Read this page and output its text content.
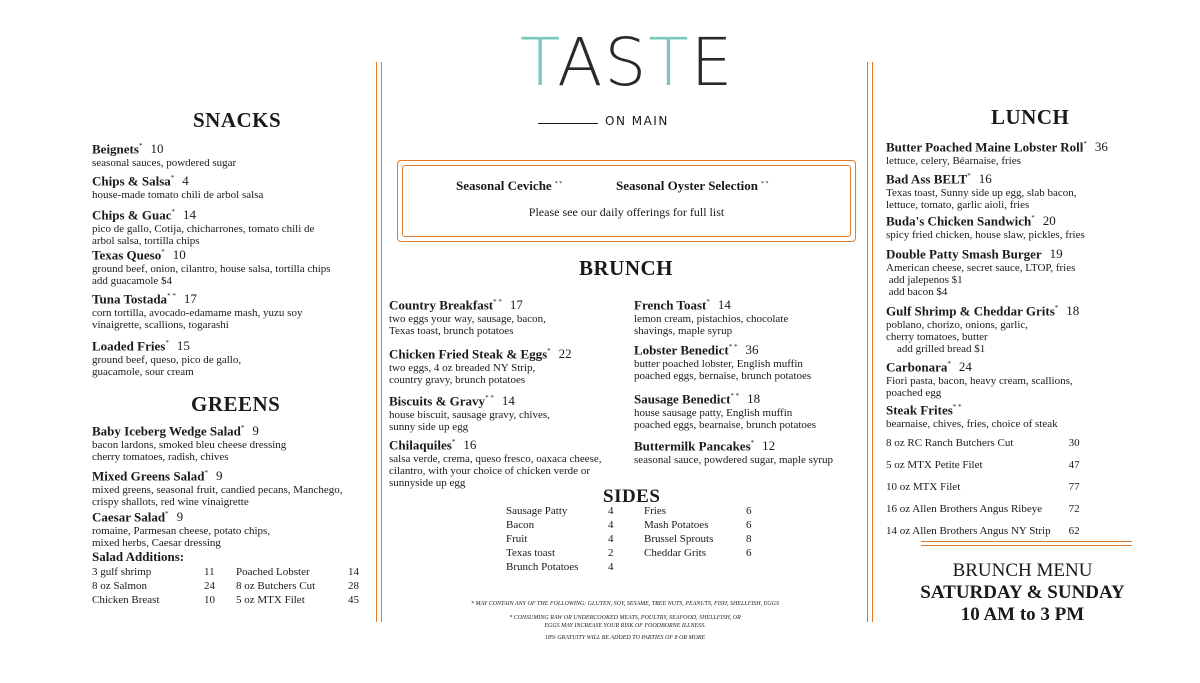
TASTE
ON MAIN
SNACKS
Beignets* 10
seasonal sauces, powdered sugar
Chips & Salsa* 4
house-made tomato chili de arbol salsa
Chips & Guac* 14
pico de gallo, Cotija, chicharrones, tomato chili de
arbol salsa, tortilla chips
Texas Queso* 10
ground beef, onion, cilantro, house salsa, tortilla chips
add guacamole $4
Tuna Tostada* * 17
corn tortilla, avocado-edamame mash, yuzu soy
vinaigrette, scallions, togarashi
Loaded Fries* 15
ground beef, queso, pico de gallo,
guacamole, sour cream
GREENS
Baby Iceberg Wedge Salad* 9
bacon lardons, smoked bleu cheese dressing
cherry tomatoes, radish, chives
Mixed Greens Salad* 9
mixed greens, seasonal fruit, candied pecans, Manchego,
crispy shallots, red wine vinaigrette
Caesar Salad* 9
romaine, Parmesan cheese, potato chips,
mixed herbs, Caesar dressing
Salad Additions:
3 gulf shrimp	11	Poached Lobster	14
8 oz Salmon	24	8 oz Butchers Cut	28
Chicken Breast	10	5 oz MTX Filet	45
Seasonal Ceviche * *	Seasonal Oyster Selection * *
Please see our daily offerings for full list
BRUNCH
Country Breakfast* * 17
two eggs your way, sausage, bacon,
Texas toast, brunch potatoes
Chicken Fried Steak & Eggs* 22
two eggs, 4 oz breaded NY Strip,
country gravy, brunch potatoes
Biscuits & Gravy* * 14
house biscuit, sausage gravy, chives,
sunny side up egg
Chilaquiles* 16
salsa verde, crema, queso fresco, oaxaca cheese,
cilantro, with your choice of chicken verde or
sunnyside up egg
French Toast* 14
lemon cream, pistachios, chocolate
shavings, maple syrup
Lobster Benedict* * 36
butter poached lobster, English muffin
poached eggs, bernaise, brunch potatoes
Sausage Benedict* * 18
house sausage patty, English muffin
poached eggs, bearnaise, brunch potatoes
Buttermilk Pancakes* 12
seasonal sauce, powdered sugar, maple syrup
SIDES
Sausage Patty	4
Bacon	4
Fruit	4
Texas toast	2
Brunch Potatoes	4
Fries	6
Mash Potatoes	6
Brussel Sprouts	8
Cheddar Grits	6
* MAY CONTAIN ANY OF THE FOLLOWING: GLUTEN, SOY, SESAME, TREE NUTS, PEANUTS, FISH, SHELLFISH, EGGS
* CONSUMING RAW OR UNDERCOOKED MEATS, POULTRY, SEAFOOD, SHELLFISH, OR
EGGS MAY INCREASE YOUR RISK OF FOODBORNE ILLNESS.
18% GRATUITY WILL BE ADDED TO PARTIES OF 8 OR MORE
LUNCH
Butter Poached Maine Lobster Roll* 36
lettuce, celery, Béarnaise, fries
Bad Ass BELT* 16
Texas toast, Sunny side up egg, slab bacon,
lettuce, tomato, garlic aioli, fries
Buda's Chicken Sandwich* 20
spicy fried chicken, house slaw, pickles, fries
Double Patty Smash Burger 19
American cheese, secret sauce, LTOP, fries
add jalepenos $1
add bacon $4
Gulf Shrimp & Cheddar Grits* 18
poblano, chorizo, onions, garlic,
cherry tomatoes, butter
add grilled bread $1
Carbonara* 24
Fiori pasta, bacon, heavy cream, scallions,
poached egg
Steak Frites* *
bearnaise, chives, fries, choice of steak
8 oz RC Ranch Butchers Cut	30
5 oz MTX Petite Filet	47
10 oz MTX Filet	77
16 oz Allen Brothers Angus Ribeye	72
14 oz Allen Brothers Angus NY Strip	62
BRUNCH MENU
SATURDAY & SUNDAY
10 AM to 3 PM
